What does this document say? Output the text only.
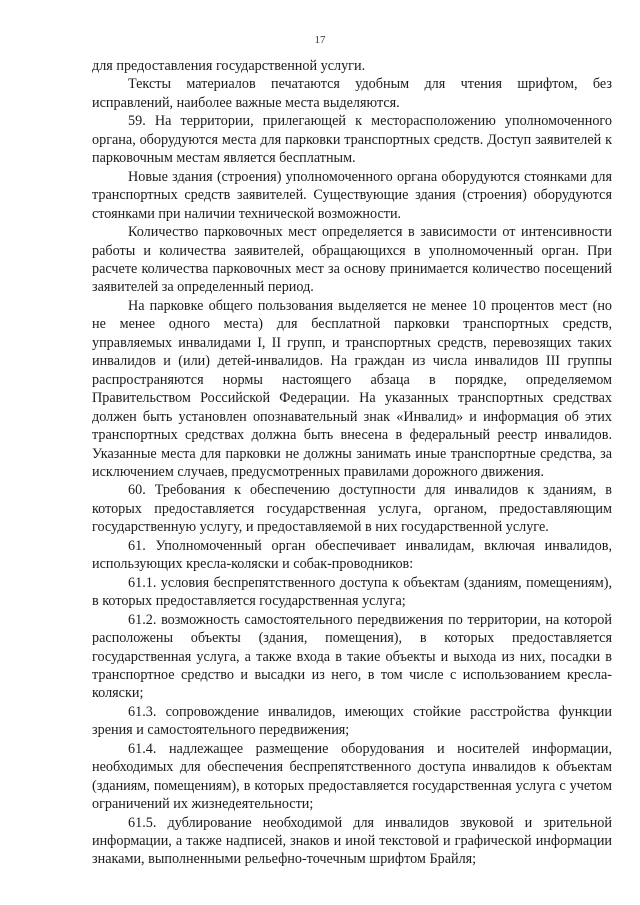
17

для предоставления государственной услуги.

Тексты материалов печатаются удобным для чтения шрифтом, без исправлений, наиболее важные места выделяются.

59. На территории, прилегающей к месторасположению уполномоченного органа, оборудуются места для парковки транспортных средств. Доступ заявителей к парковочным местам является бесплатным.

Новые здания (строения) уполномоченного органа оборудуются стоянками для транспортных средств заявителей. Существующие здания (строения) оборудуются стоянками при наличии технической возможности.

Количество парковочных мест определяется в зависимости от интенсивности работы и количества заявителей, обращающихся в уполномоченный орган. При расчете количества парковочных мест за основу принимается количество посещений заявителей за определенный период.

На парковке общего пользования выделяется не менее 10 процентов мест (но не менее одного места) для бесплатной парковки транспортных средств, управляемых инвалидами I, II групп, и транспортных средств, перевозящих таких инвалидов и (или) детей-инвалидов. На граждан из числа инвалидов III группы распространяются нормы настоящего абзаца в порядке, определяемом Правительством Российской Федерации. На указанных транспортных средствах должен быть установлен опознавательный знак «Инвалид» и информация об этих транспортных средствах должна быть внесена в федеральный реестр инвалидов. Указанные места для парковки не должны занимать иные транспортные средства, за исключением случаев, предусмотренных правилами дорожного движения.

60. Требования к обеспечению доступности для инвалидов к зданиям, в которых предоставляется государственная услуга, органом, предоставляющим государственную услугу, и предоставляемой в них государственной услуге.

61. Уполномоченный орган обеспечивает инвалидам, включая инвалидов, использующих кресла-коляски и собак-проводников:

61.1. условия беспрепятственного доступа к объектам (зданиям, помещениям), в которых предоставляется государственная услуга;

61.2. возможность самостоятельного передвижения по территории, на которой расположены объекты (здания, помещения), в которых предоставляется государственная услуга, а также входа в такие объекты и выхода из них, посадки в транспортное средство и высадки из него, в том числе с использованием кресла-коляски;

61.3. сопровождение инвалидов, имеющих стойкие расстройства функции зрения и самостоятельного передвижения;

61.4. надлежащее размещение оборудования и носителей информации, необходимых для обеспечения беспрепятственного доступа инвалидов к объектам (зданиям, помещениям), в которых предоставляется государственная услуга с учетом ограничений их жизнедеятельности;

61.5. дублирование необходимой для инвалидов звуковой и зрительной информации, а также надписей, знаков и иной текстовой и графической информации знаками, выполненными рельефно-точечным шрифтом Брайля;
